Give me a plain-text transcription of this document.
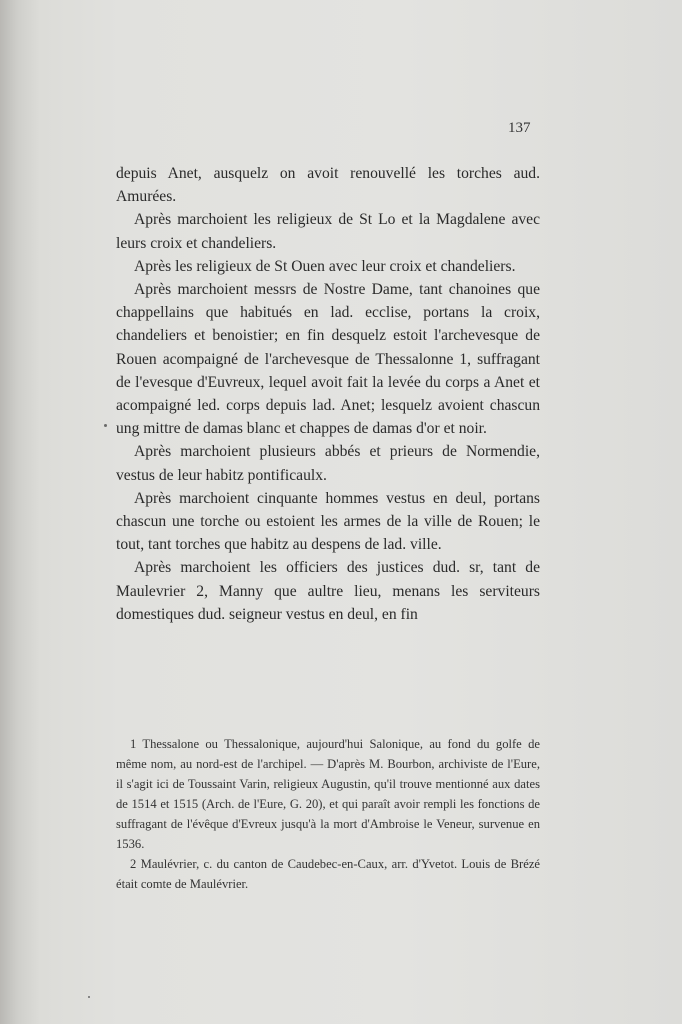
137

depuis Anet, ausquelz on avoit renouvellé les torches aud. Amurées.

Après marchoient les religieux de St Lo et la Magdalene avec leurs croix et chandeliers.

Après les religieux de St Ouen avec leur croix et chandeliers.

Après marchoient messrs de Nostre Dame, tant chanoines que chappellains que habitués en lad. ecclise, portans la croix, chandeliers et benoistier; en fin desquelz estoit l'archevesque de Rouen acompaigné de l'archevesque de Thessalonne 1, suffragant de l'evesque d'Euvreux, lequel avoit fait la levée du corps a Anet et acompaigné led. corps depuis lad. Anet; lesquelz avoient chascun ung mittre de damas blanc et chappes de damas d'or et noir.

Après marchoient plusieurs abbés et prieurs de Normendie, vestus de leur habitz pontificaulx.

Après marchoient cinquante hommes vestus en deul, portans chascun une torche ou estoient les armes de la ville de Rouen; le tout, tant torches que habitz au despens de lad. ville.

Après marchoient les officiers des justices dud. sr, tant de Maulevrier 2, Manny que aultre lieu, menans les serviteurs domestiques dud. seigneur vestus en deul, en fin

1 Thessalone ou Thessalonique, aujourd'hui Salonique, au fond du golfe de même nom, au nord-est de l'archipel. — D'après M. Bourbon, archiviste de l'Eure, il s'agit ici de Toussaint Varin, religieux Augustin, qu'il trouve mentionné aux dates de 1514 et 1515 (Arch. de l'Eure, G. 20), et qui paraît avoir rempli les fonctions de suffragant de l'évêque d'Evreux jusqu'à la mort d'Ambroise le Veneur, survenue en 1536.

2 Maulévrier, c. du canton de Caudebec-en-Caux, arr. d'Yvetot. Louis de Brézé était comte de Maulévrier.
